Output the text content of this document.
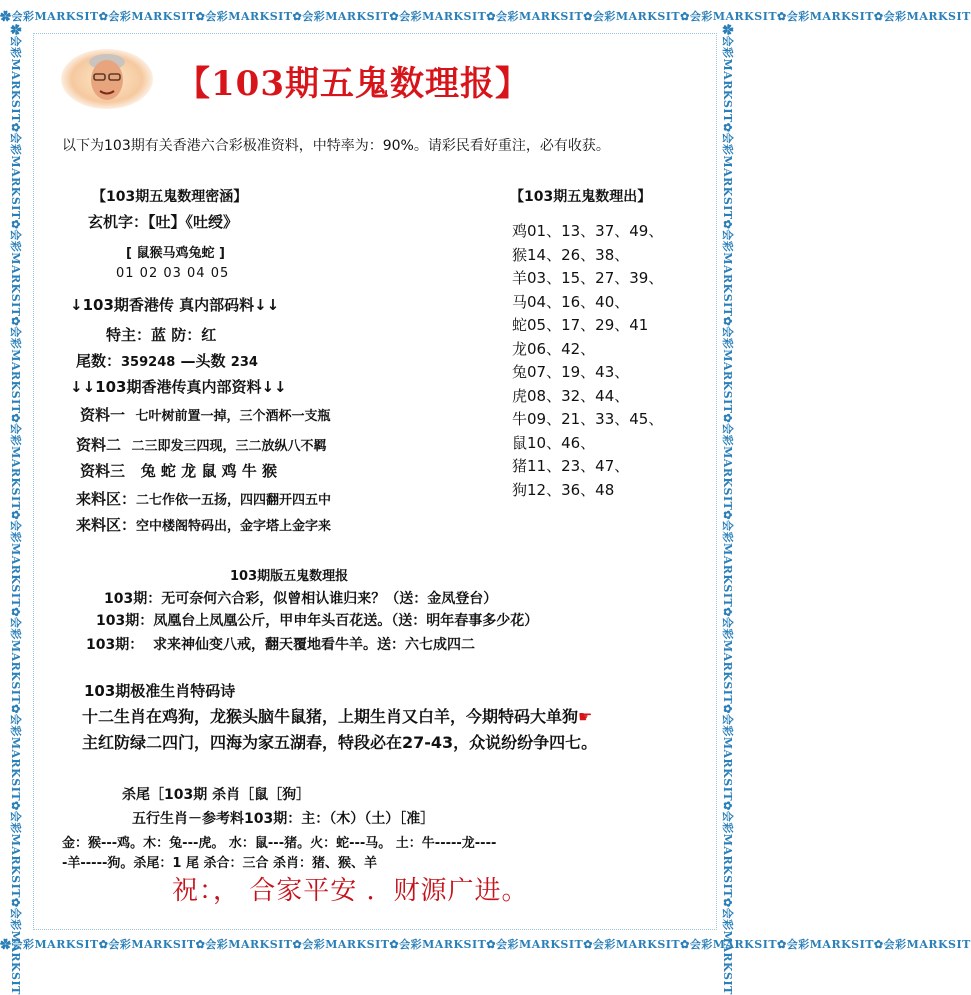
✿会彩MARKSIT✿会彩MARKSIT✿会彩MARKSIT✿会彩MARKSIT✿会彩MARKSIT✿会彩MARKSIT✿会彩MARKSIT✿会彩MARKSIT✿会彩MARKSIT✿会彩MARKSIT
✿会彩MARKSIT✿会彩MARKSIT✿会彩MARKSIT✿会彩MARKSIT✿会彩MARKSIT✿会彩MARKSIT✿会彩MARKSIT✿会彩MARKSIT✿会彩MARKSIT✿会彩MARKSIT
✿会彩MARKSIT✿会彩MARKSIT✿会彩MARKSIT✿会彩MARKSIT✿会彩MARKSIT✿会彩MARKSIT✿会彩MARKSIT✿会彩MARKSIT✿会彩MARKSIT✿会彩MARKSIT	✿会彩MARKSIT✿会彩MARKSIT✿会彩MARKSIT✿会彩MARKSIT✿会彩MARKSIT✿会彩MARKSIT✿会彩MARKSIT✿会彩MARKSIT✿会彩MARKSIT✿会彩MARKSIT
【103期五鬼数理报】
以下为103期有关香港六合彩极准资料，中特率为：90%。请彩民看好重注，必有收获。
【103期五鬼数理密涵】
玄机字：【吐】《吐绶》
[ 鼠猴马鸡兔蛇 ]
01 02 03 04 05
↓103期香港传 真内部码料↓↓
特主：蓝 防：红
尾数：359248 —头数 234
↓↓103期香港传真内部资料↓↓
资料一 七叶树前置一掉，三个酒杯一支瓶
资料二 二三即发三四现，三二放纵八不羁
资料三 兔 蛇 龙 鼠 鸡 牛 猴
来料区：二七作依一五扬，四四翻开四五中
来料区：空中楼阁特码出，金字塔上金字来
【103期五鬼数理出】
鸡01、13、37、49、
猴14、26、38、
羊03、15、27、39、
马04、16、40、
蛇05、17、29、41
龙06、42、
兔07、19、43、
虎08、32、44、
牛09、21、33、45、
鼠10、46、
猪11、23、47、
狗12、36、48
103期版五鬼数理报
103期：无可奈何六合彩，似曾相认谁归来？（送：金凤登台）
103期：凤凰台上凤凰公斤，甲申年头百花送。（送：明年春事多少花）
103期： 求来神仙变八戒，翻天覆地看牛羊。送：六七成四二
103期极准生肖特码诗
十二生肖在鸡狗，龙猴头脑牛鼠猪，上期生肖又白羊，今期特码大单狗☛
主红防绿二四门，四海为家五湖春，特段必在27-43，众说纷纷争四七。
杀尾［103期 杀肖［鼠［狗］
五行生肖－参考料103期：主：（木）（土）［准］
金：猴---鸡。木：兔---虎。 水：鼠---猪。火：蛇---马。 土：牛-----龙----
-羊-----狗。杀尾：1 尾 杀合：三合 杀肖：猪、猴、羊
祝：， 合家平安 ．财源广进。
